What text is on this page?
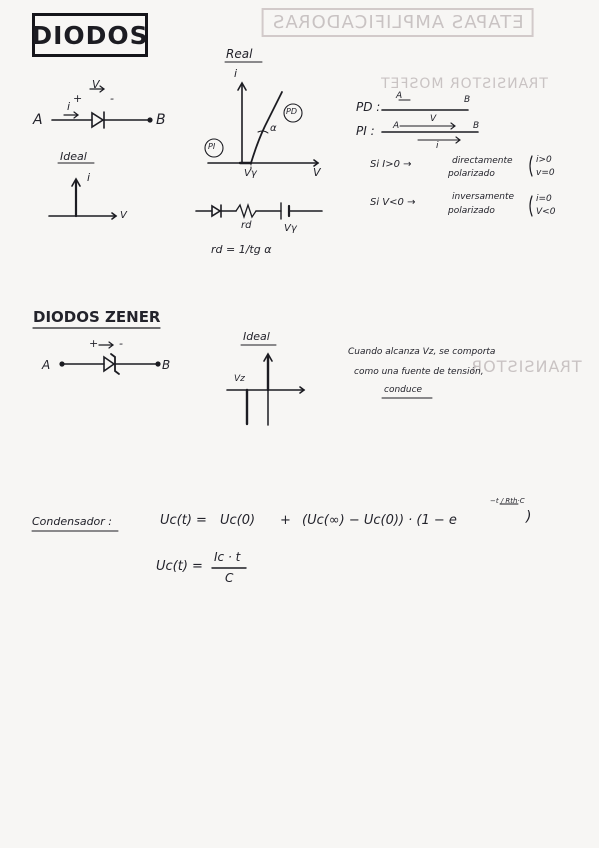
ETAPAS AMPLIFICADORAS
TRANSISTOR MOSFET
TRANSISTOR
DIODOS
A	B
i
V
+	-
Ideal
i
V
Real
i
V
Vγ
PD
PI
α
rd	Vγ
rd = 1/tg α
PD :
PI :
A	B
A	B
V
i
Si I>0 →	directamente
polarizado
i>0
v=0
Si V<0 →	inversamente
polarizado
i=0
V<0
DIODOS ZENER
A	B
+ -
Ideal
Vz
Cuando alcanza Vz, se comporta
como una fuente de tensión,
conduce
Condensador :	Uc(t) = Uc(0) + (Uc(∞) − Uc(0)) · (1 − e
−t / Rth·C
)
Uc(t) =
Ic · t
C
